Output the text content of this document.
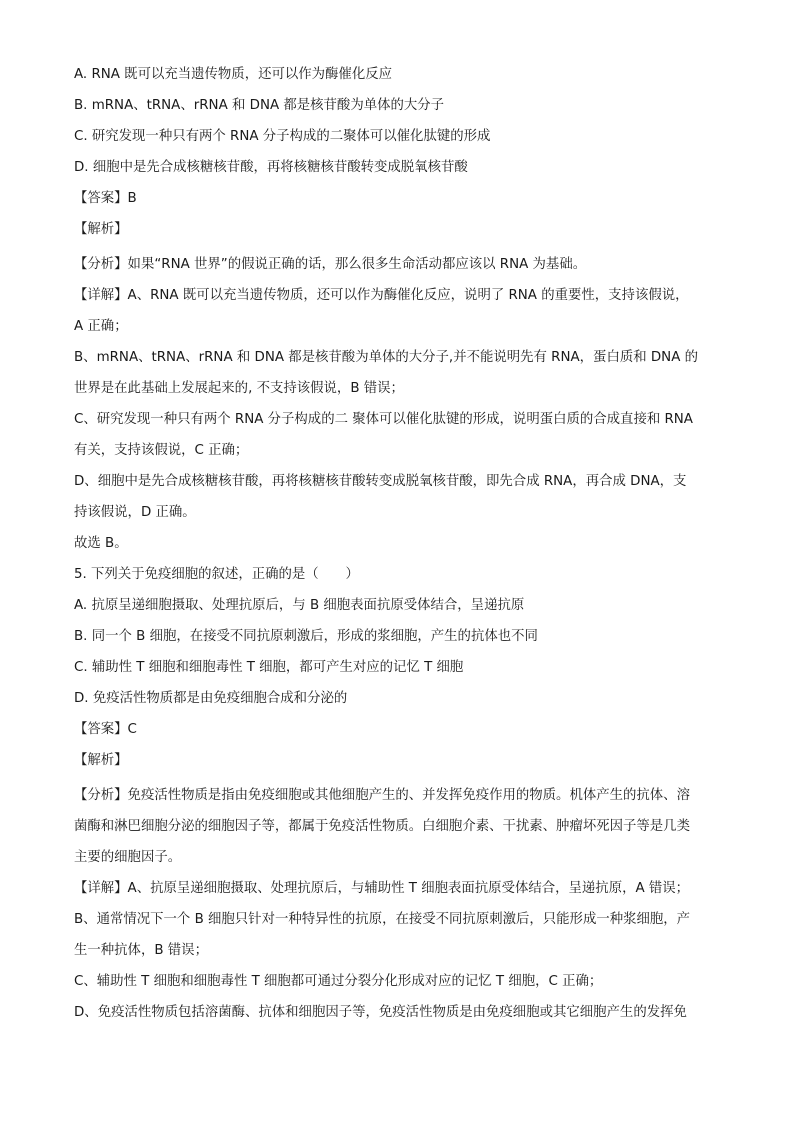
A. RNA 既可以充当遗传物质，还可以作为酶催化反应
B. mRNA、tRNA、rRNA 和 DNA 都是核苷酸为单体的大分子
C. 研究发现一种只有两个 RNA 分子构成的二聚体可以催化肽键的形成
D. 细胞中是先合成核糖核苷酸，再将核糖核苷酸转变成脱氧核苷酸
【答案】B
【解析】
【分析】如果“RNA 世界”的假说正确的话，那么很多生命活动都应该以 RNA 为基础。
【详解】A、RNA 既可以充当遗传物质，还可以作为酶催化反应，说明了 RNA 的重要性，支持该假说，
A 正确；
B、mRNA、tRNA、rRNA 和 DNA 都是核苷酸为单体的大分子,并不能说明先有 RNA，蛋白质和 DNA 的
世界是在此基础上发展起来的, 不支持该假说，B 错误；
C、研究发现一种只有两个 RNA 分子构成的二 聚体可以催化肽键的形成，说明蛋白质的合成直接和 RNA
有关，支持该假说，C 正确；
D、细胞中是先合成核糖核苷酸，再将核糖核苷酸转变成脱氧核苷酸，即先合成 RNA，再合成 DNA，支
持该假说，D 正确。
故选 B。
5. 下列关于免疫细胞的叙述，正确的是（　　）
A. 抗原呈递细胞摄取、处理抗原后，与 B 细胞表面抗原受体结合，呈递抗原
B. 同一个 B 细胞，在接受不同抗原刺激后，形成的浆细胞，产生的抗体也不同
C. 辅助性 T 细胞和细胞毒性 T 细胞，都可产生对应的记忆 T 细胞
D. 免疫活性物质都是由免疫细胞合成和分泌的
【答案】C
【解析】
【分析】免疫活性物质是指由免疫细胞或其他细胞产生的、并发挥免疫作用的物质。机体产生的抗体、溶
菌酶和淋巴细胞分泌的细胞因子等，都属于免疫活性物质。白细胞介素、干扰素、肿瘤坏死因子等是几类
主要的细胞因子。
【详解】A、抗原呈递细胞摄取、处理抗原后，与辅助性 T 细胞表面抗原受体结合，呈递抗原，A 错误；
B、通常情况下一个 B 细胞只针对一种特异性的抗原，在接受不同抗原刺激后，只能形成一种浆细胞，产
生一种抗体，B 错误；
C、辅助性 T 细胞和细胞毒性 T 细胞都可通过分裂分化形成对应的记忆 T 细胞，C 正确；
D、免疫活性物质包括溶菌酶、抗体和细胞因子等，免疫活性物质是由免疫细胞或其它细胞产生的发挥免
